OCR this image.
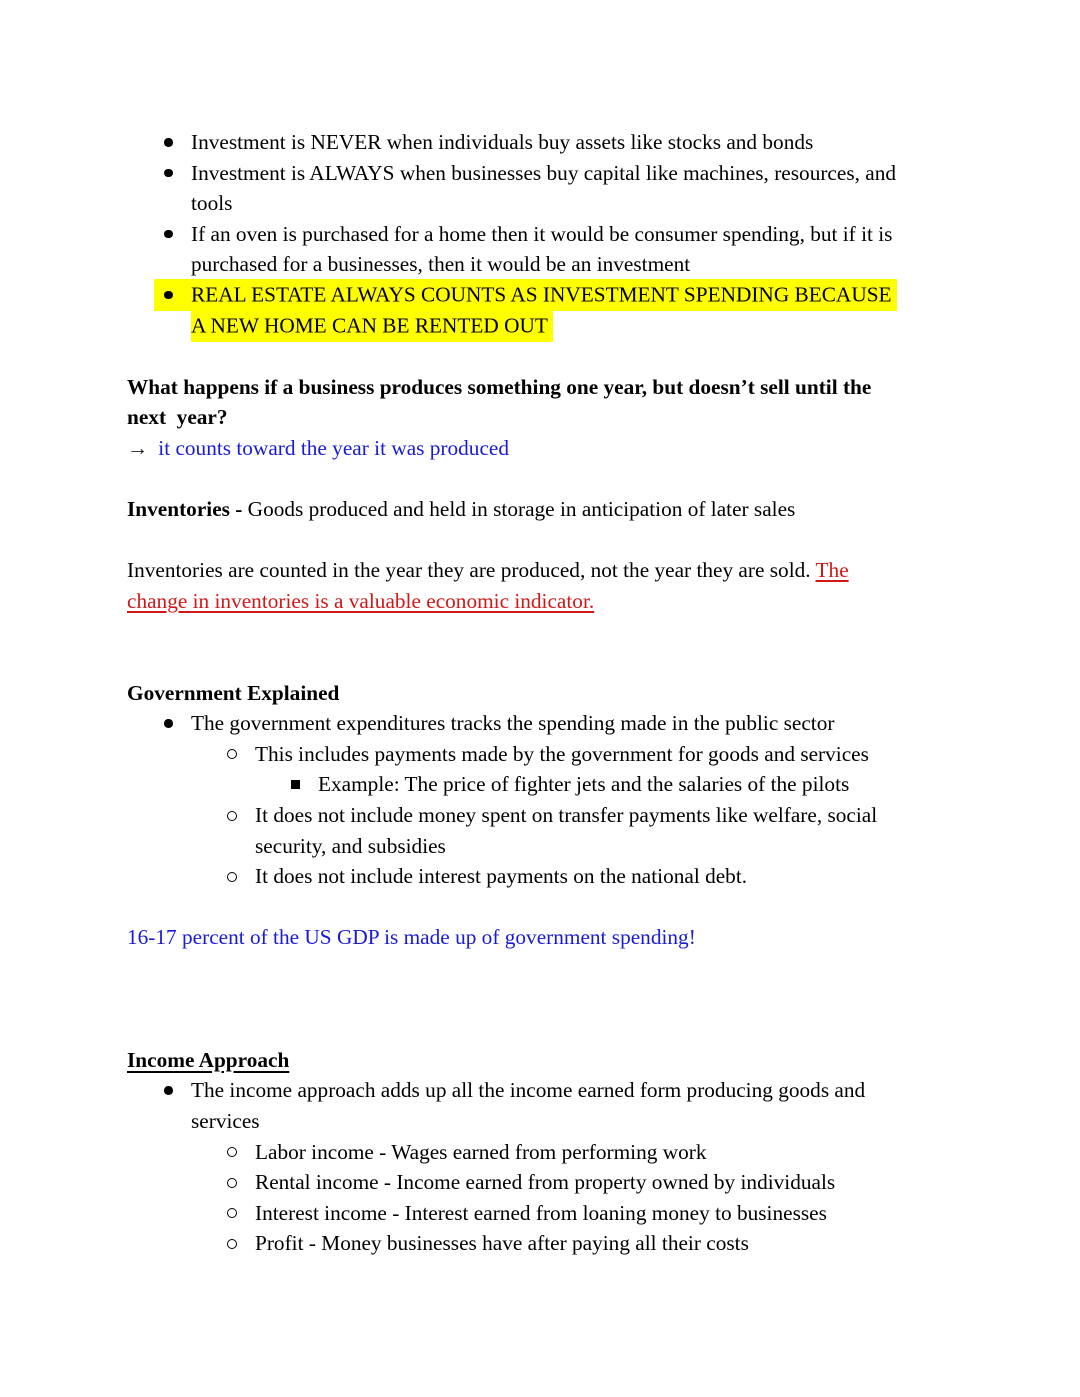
Investment is NEVER when individuals buy assets like stocks and bonds
Investment is ALWAYS when businesses buy capital like machines, resources, and
tools
If an oven is purchased for a home then it would be consumer spending, but if it is
purchased for a businesses, then it would be an investment
REAL ESTATE ALWAYS COUNTS AS INVESTMENT SPENDING BECAUSE
A NEW HOME CAN BE RENTED OUT
What happens if a business produces something one year, but doesn’t sell until the
next  year?
→ it counts toward the year it was produced
Inventories - Goods produced and held in storage in anticipation of later sales
Inventories are counted in the year they are produced, not the year they are sold. The
change in inventories is a valuable economic indicator.
Government Explained
The government expenditures tracks the spending made in the public sector
This includes payments made by the government for goods and services
Example: The price of fighter jets and the salaries of the pilots
It does not include money spent on transfer payments like welfare, social
security, and subsidies
It does not include interest payments on the national debt.
16-17 percent of the US GDP is made up of government spending!
Income Approach
The income approach adds up all the income earned form producing goods and
services
Labor income - Wages earned from performing work
Rental income - Income earned from property owned by individuals
Interest income - Interest earned from loaning money to businesses
Profit - Money businesses have after paying all their costs
